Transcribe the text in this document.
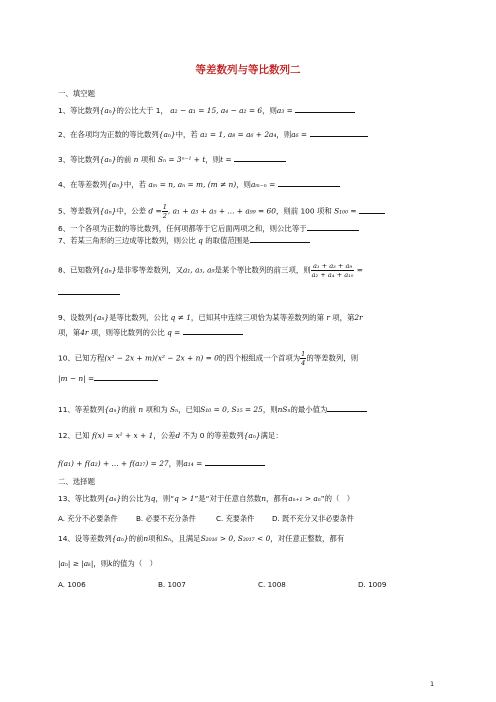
等差数列与等比数列二
一、填空题
1、等比数列{aₙ}的公比大于 1， a₂ − a₁ = 15, a₄ − a₂ = 6，则a₃ =
2、在各项均为正数的等比数列{aₙ}中，若 a₂ = 1, a₈ = a₆ + 2a₄，则a₆ =
3、等比数列{aₙ}的前 n 项和 Sₙ = 3ⁿ⁻¹ + t，则t =
4、在等差数列{aₙ}中，若 aₘ = n, aₙ = m, (m ≠ n)，则aₘ₋ₙ =
5、等差数列{aₙ}中，公差 $d = \frac{1}{2}$ , a₁ + a₃ + a₅ + ... + a₉₉ = 60，则前 100 项和 S₁₀₀ =
6、一个各项为正数的等比数列，任何项都等于它后面两项之和，则公比等于
7、若某三角形的三边成等比数列，则公比 q 的取值范围是
8、已知数列{aₙ}是非零等差数列，又a₁, a₃, a₉是某个等比数列的前三项，则 $\frac{\text{a₁ + a₃ + a₉}}{\text{a₂ + a₄ + a₁₀}}$ =
9、设数列{aₙ}是等比数列，公比 q ≠ 1，已知其中连续三项恰为某等差数列的第 r 项，第2r
项，第4r 项，则等比数列的公比 q =
10、已知方程(x² − 2x + m)(x² − 2x + n) = 0的四个根组成一个首项为 $\frac{1}{4}$ 的等差数列，则
|m − n| =
11、等差数列{aₙ}的前 n 项和为 Sₙ，已知S₁₀ = 0, S₁₅ = 25，则nSₙ的最小值为
12、已知 f(x) = x² + x + 1，公差d 不为 0 的等差数列{aₙ}满足：
f(a₁) + f(a₂) + ... + f(a₂₇) = 27，则a₁₄ =
二、选择题
13、等比数列{aₙ}的公比为q，则“q > 1”是“对于任意自然数n，都有aₙ₊₁ > aₙ”的（　）
A. 充分不必要条件	B. 必要不充分条件	C. 充要条件 D. 既不充分又非必要条件
14、设等差数列{aₙ}的前n项和Sₙ，且满足S₂₀₁₆ > 0, S₂₀₁₇ < 0，对任意正整数，都有
|aₙ| ≥ |aₖ|，则k的值为（　）
A. 1006	B. 1007	C. 1008	D. 1009
1
